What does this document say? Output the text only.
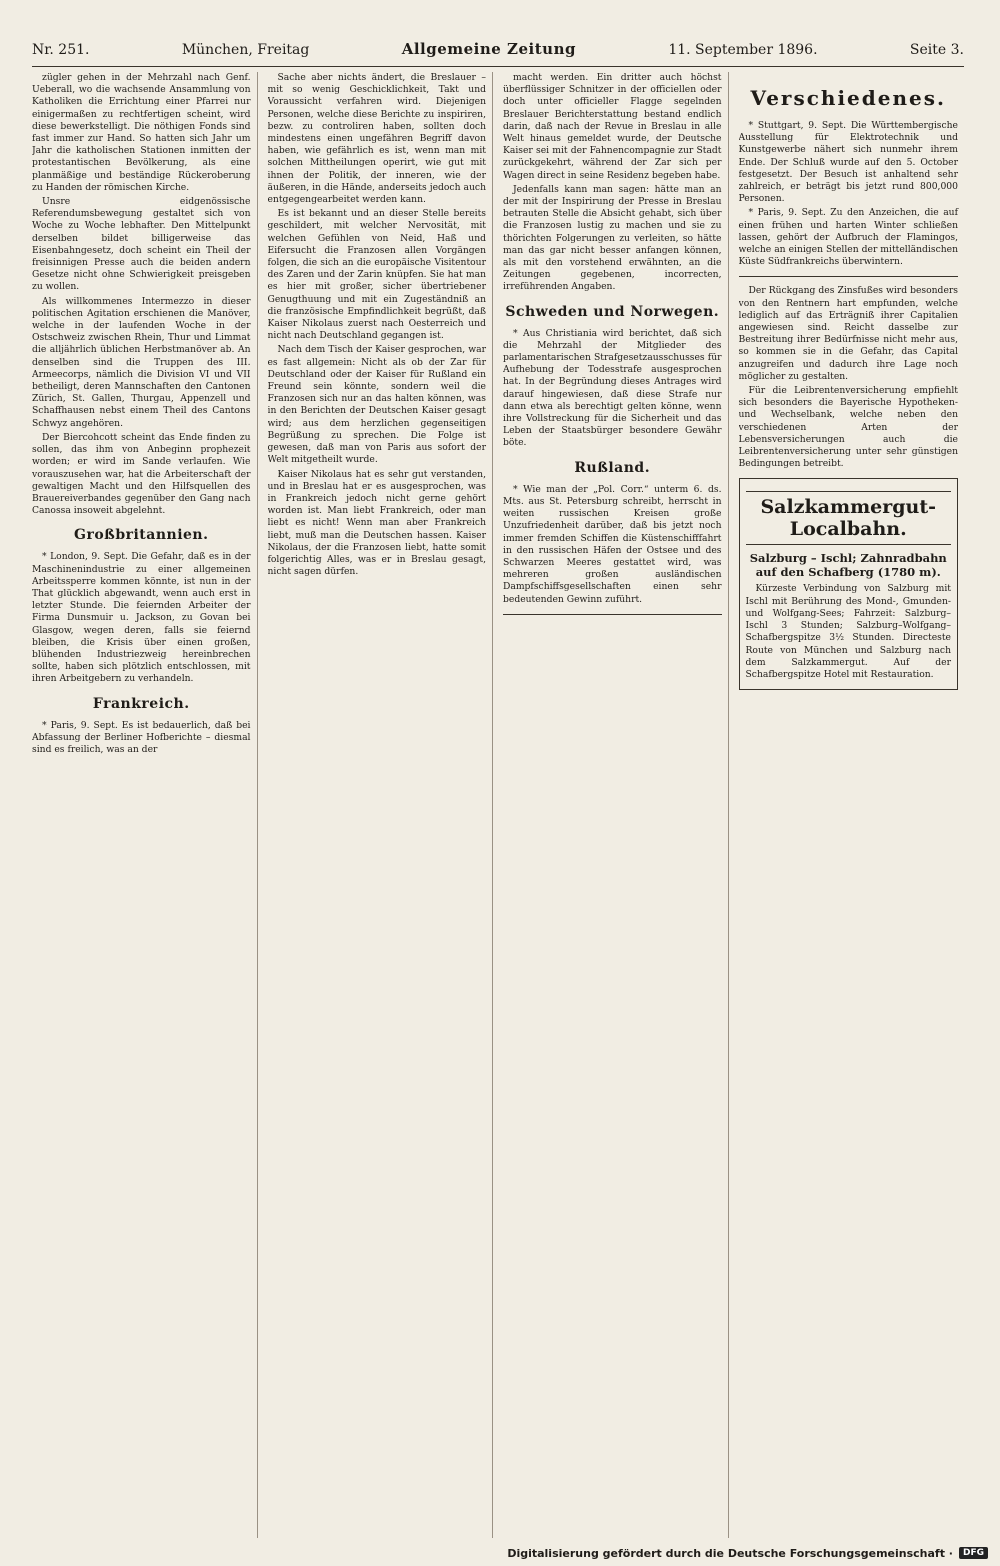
Nr. 251.	München, Freitag	Allgemeine Zeitung	11. September 1896.	Seite 3.

zügler gehen in der Mehrzahl nach Genf. Ueberall, wo die wachsende Ansammlung von Katholiken die Errichtung einer Pfarrei nur einigermaßen zu rechtfertigen scheint, wird diese bewerkstelligt. Die nöthigen Fonds sind fast immer zur Hand. So hatten sich Jahr um Jahr die katholischen Stationen inmitten der protestantischen Bevölkerung, als eine planmäßige und beständige Rückeroberung zu Handen der römischen Kirche.

Unsre eidgenössische Referendumsbewegung gestaltet sich von Woche zu Woche lebhafter. Den Mittelpunkt derselben bildet billigerweise das Eisenbahngesetz, doch scheint ein Theil der freisinnigen Presse auch die beiden andern Gesetze nicht ohne Schwierigkeit preisgeben zu wollen.

Als willkommenes Intermezzo in dieser politischen Agitation erschienen die Manöver, welche in der laufenden Woche in der Ostschweiz zwischen Rhein, Thur und Limmat die alljährlich üblichen Herbstmanöver ab. An denselben sind die Truppen des III. Armeecorps, nämlich die Division VI und VII betheiligt, deren Mannschaften den Cantonen Zürich, St. Gallen, Thurgau, Appenzell und Schaffhausen nebst einem Theil des Cantons Schwyz angehören.

Der Biercohcott scheint das Ende finden zu sollen, das ihm von Anbeginn prophezeit worden; er wird im Sande verlaufen. Wie vorauszusehen war, hat die Arbeiterschaft der gewaltigen Macht und den Hilfsquellen des Brauereiverbandes gegenüber den Gang nach Canossa insoweit abgelehnt.

Großbritannien.

* London, 9. Sept. Die Gefahr, daß es in der Maschinenindustrie zu einer allgemeinen Arbeitssperre kommen könnte, ist nun in der That glücklich abgewandt, wenn auch erst in letzter Stunde. Die feiernden Arbeiter der Firma Dunsmuir u. Jackson, zu Govan bei Glasgow, wegen deren, falls sie feiernd bleiben, die Krisis über einen großen, blühenden Industriezweig hereinbrechen sollte, haben sich plötzlich entschlossen, mit ihren Arbeitgebern zu verhandeln.

Frankreich.

* Paris, 9. Sept. Es ist bedauerlich, daß bei Abfassung der Berliner Hofberichte – diesmal sind es freilich, was an der

Sache aber nichts ändert, die Breslauer – mit so wenig Geschicklichkeit, Takt und Voraussicht verfahren wird. Diejenigen Personen, welche diese Berichte zu inspiriren, bezw. zu controliren haben, sollten doch mindestens einen ungefähren Begriff davon haben, wie gefährlich es ist, wenn man mit solchen Mittheilungen operirt, wie gut mit ihnen der Politik, der inneren, wie der äußeren, in die Hände, anderseits jedoch auch entgegengearbeitet werden kann.

Es ist bekannt und an dieser Stelle bereits geschildert, mit welcher Nervosität, mit welchen Gefühlen von Neid, Haß und Eifersucht die Franzosen allen Vorgängen folgen, die sich an die europäische Visitentour des Zaren und der Zarin knüpfen. Sie hat man es hier mit großer, sicher übertriebener Genugthuung und mit ein Zugeständniß an die französische Empfindlichkeit begrüßt, daß Kaiser Nikolaus zuerst nach Oesterreich und nicht nach Deutschland gegangen ist.

Nach dem Tisch der Kaiser gesprochen, war es fast allgemein: Nicht als ob der Zar für Deutschland oder der Kaiser für Rußland ein Freund sein könnte, sondern weil die Franzosen sich nur an das halten können, was in den Berichten der Deutschen Kaiser gesagt wird; aus dem herzlichen gegenseitigen Begrüßung zu sprechen. Die Folge ist gewesen, daß man von Paris aus sofort der Welt mitgetheilt wurde.

Kaiser Nikolaus hat es sehr gut verstanden, und in Breslau hat er es ausgesprochen, was in Frankreich jedoch nicht gerne gehört worden ist. Man liebt Frankreich, oder man liebt es nicht! Wenn man aber Frankreich liebt, muß man die Deutschen hassen. Kaiser Nikolaus, der die Franzosen liebt, hatte somit folgerichtig Alles, was er in Breslau gesagt, nicht sagen dürfen.

macht werden. Ein dritter auch höchst überflüssiger Schnitzer in der officiellen oder doch unter officieller Flagge segelnden Breslauer Berichterstattung bestand endlich darin, daß nach der Revue in Breslau in alle Welt hinaus gemeldet wurde, der Deutsche Kaiser sei mit der Fahnencompagnie zur Stadt zurückgekehrt, während der Zar sich per Wagen direct in seine Residenz begeben habe.

Jedenfalls kann man sagen: hätte man an der mit der Inspirirung der Presse in Breslau betrauten Stelle die Absicht gehabt, sich über die Franzosen lustig zu machen und sie zu thörichten Folgerungen zu verleiten, so hätte man das gar nicht besser anfangen können, als mit den vorstehend erwähnten, an die Zeitungen gegebenen, incorrecten, irreführenden Angaben.

Schweden und Norwegen.

* Aus Christiania wird berichtet, daß sich die Mehrzahl der Mitglieder des parlamentarischen Strafgesetzausschusses für Aufhebung der Todesstrafe ausgesprochen hat. In der Begründung dieses Antrages wird darauf hingewiesen, daß diese Strafe nur dann etwa als berechtigt gelten könne, wenn ihre Vollstreckung für die Sicherheit und das Leben der Staatsbürger besondere Gewähr böte.

Rußland.

* Wie man der „Pol. Corr.“ unterm 6. ds. Mts. aus St. Petersburg schreibt, herrscht in weiten russischen Kreisen große Unzufriedenheit darüber, daß bis jetzt noch immer fremden Schiffen die Küstenschifffahrt in den russischen Häfen der Ostsee und des Schwarzen Meeres gestattet wird, was mehreren großen ausländischen Dampfschiffsgesellschaften einen sehr bedeutenden Gewinn zuführt.

Verschiedenes.

* Stuttgart, 9. Sept. Die Württembergische Ausstellung für Elektrotechnik und Kunstgewerbe nähert sich nunmehr ihrem Ende. Der Schluß wurde auf den 5. October festgesetzt. Der Besuch ist anhaltend sehr zahlreich, er beträgt bis jetzt rund 800,000 Personen.

* Paris, 9. Sept. Zu den Anzeichen, die auf einen frühen und harten Winter schließen lassen, gehört der Aufbruch der Flamingos, welche an einigen Stellen der mittelländischen Küste Südfrankreichs überwintern.

Der Rückgang des Zinsfußes wird besonders von den Rentnern hart empfunden, welche lediglich auf das Erträgniß ihrer Capitalien angewiesen sind. Reicht dasselbe zur Bestreitung ihrer Bedürfnisse nicht mehr aus, so kommen sie in die Gefahr, das Capital anzugreifen und dadurch ihre Lage noch möglicher zu gestalten.

Für die Leibrentenversicherung empfiehlt sich besonders die Bayerische Hypotheken- und Wechselbank, welche neben den verschiedenen Arten der Lebensversicherungen auch die Leibrentenversicherung unter sehr günstigen Bedingungen betreibt.

Salzkammergut-Localbahn.
Salzburg – Ischl; Zahnradbahn auf den Schafberg (1780 m).

Kürzeste Verbindung von Salzburg mit Ischl mit Berührung des Mond-, Gmunden- und Wolfgang-Sees; Fahrzeit: Salzburg–Ischl 3 Stunden; Salzburg–Wolfgang–Schafbergspitze 3½ Stunden. Directeste Route von München und Salzburg nach dem Salzkammergut. Auf der Schafbergspitze Hotel mit Restauration.

Digitalisierung gefördert durch die Deutsche Forschungsgemeinschaft ·	DFG
